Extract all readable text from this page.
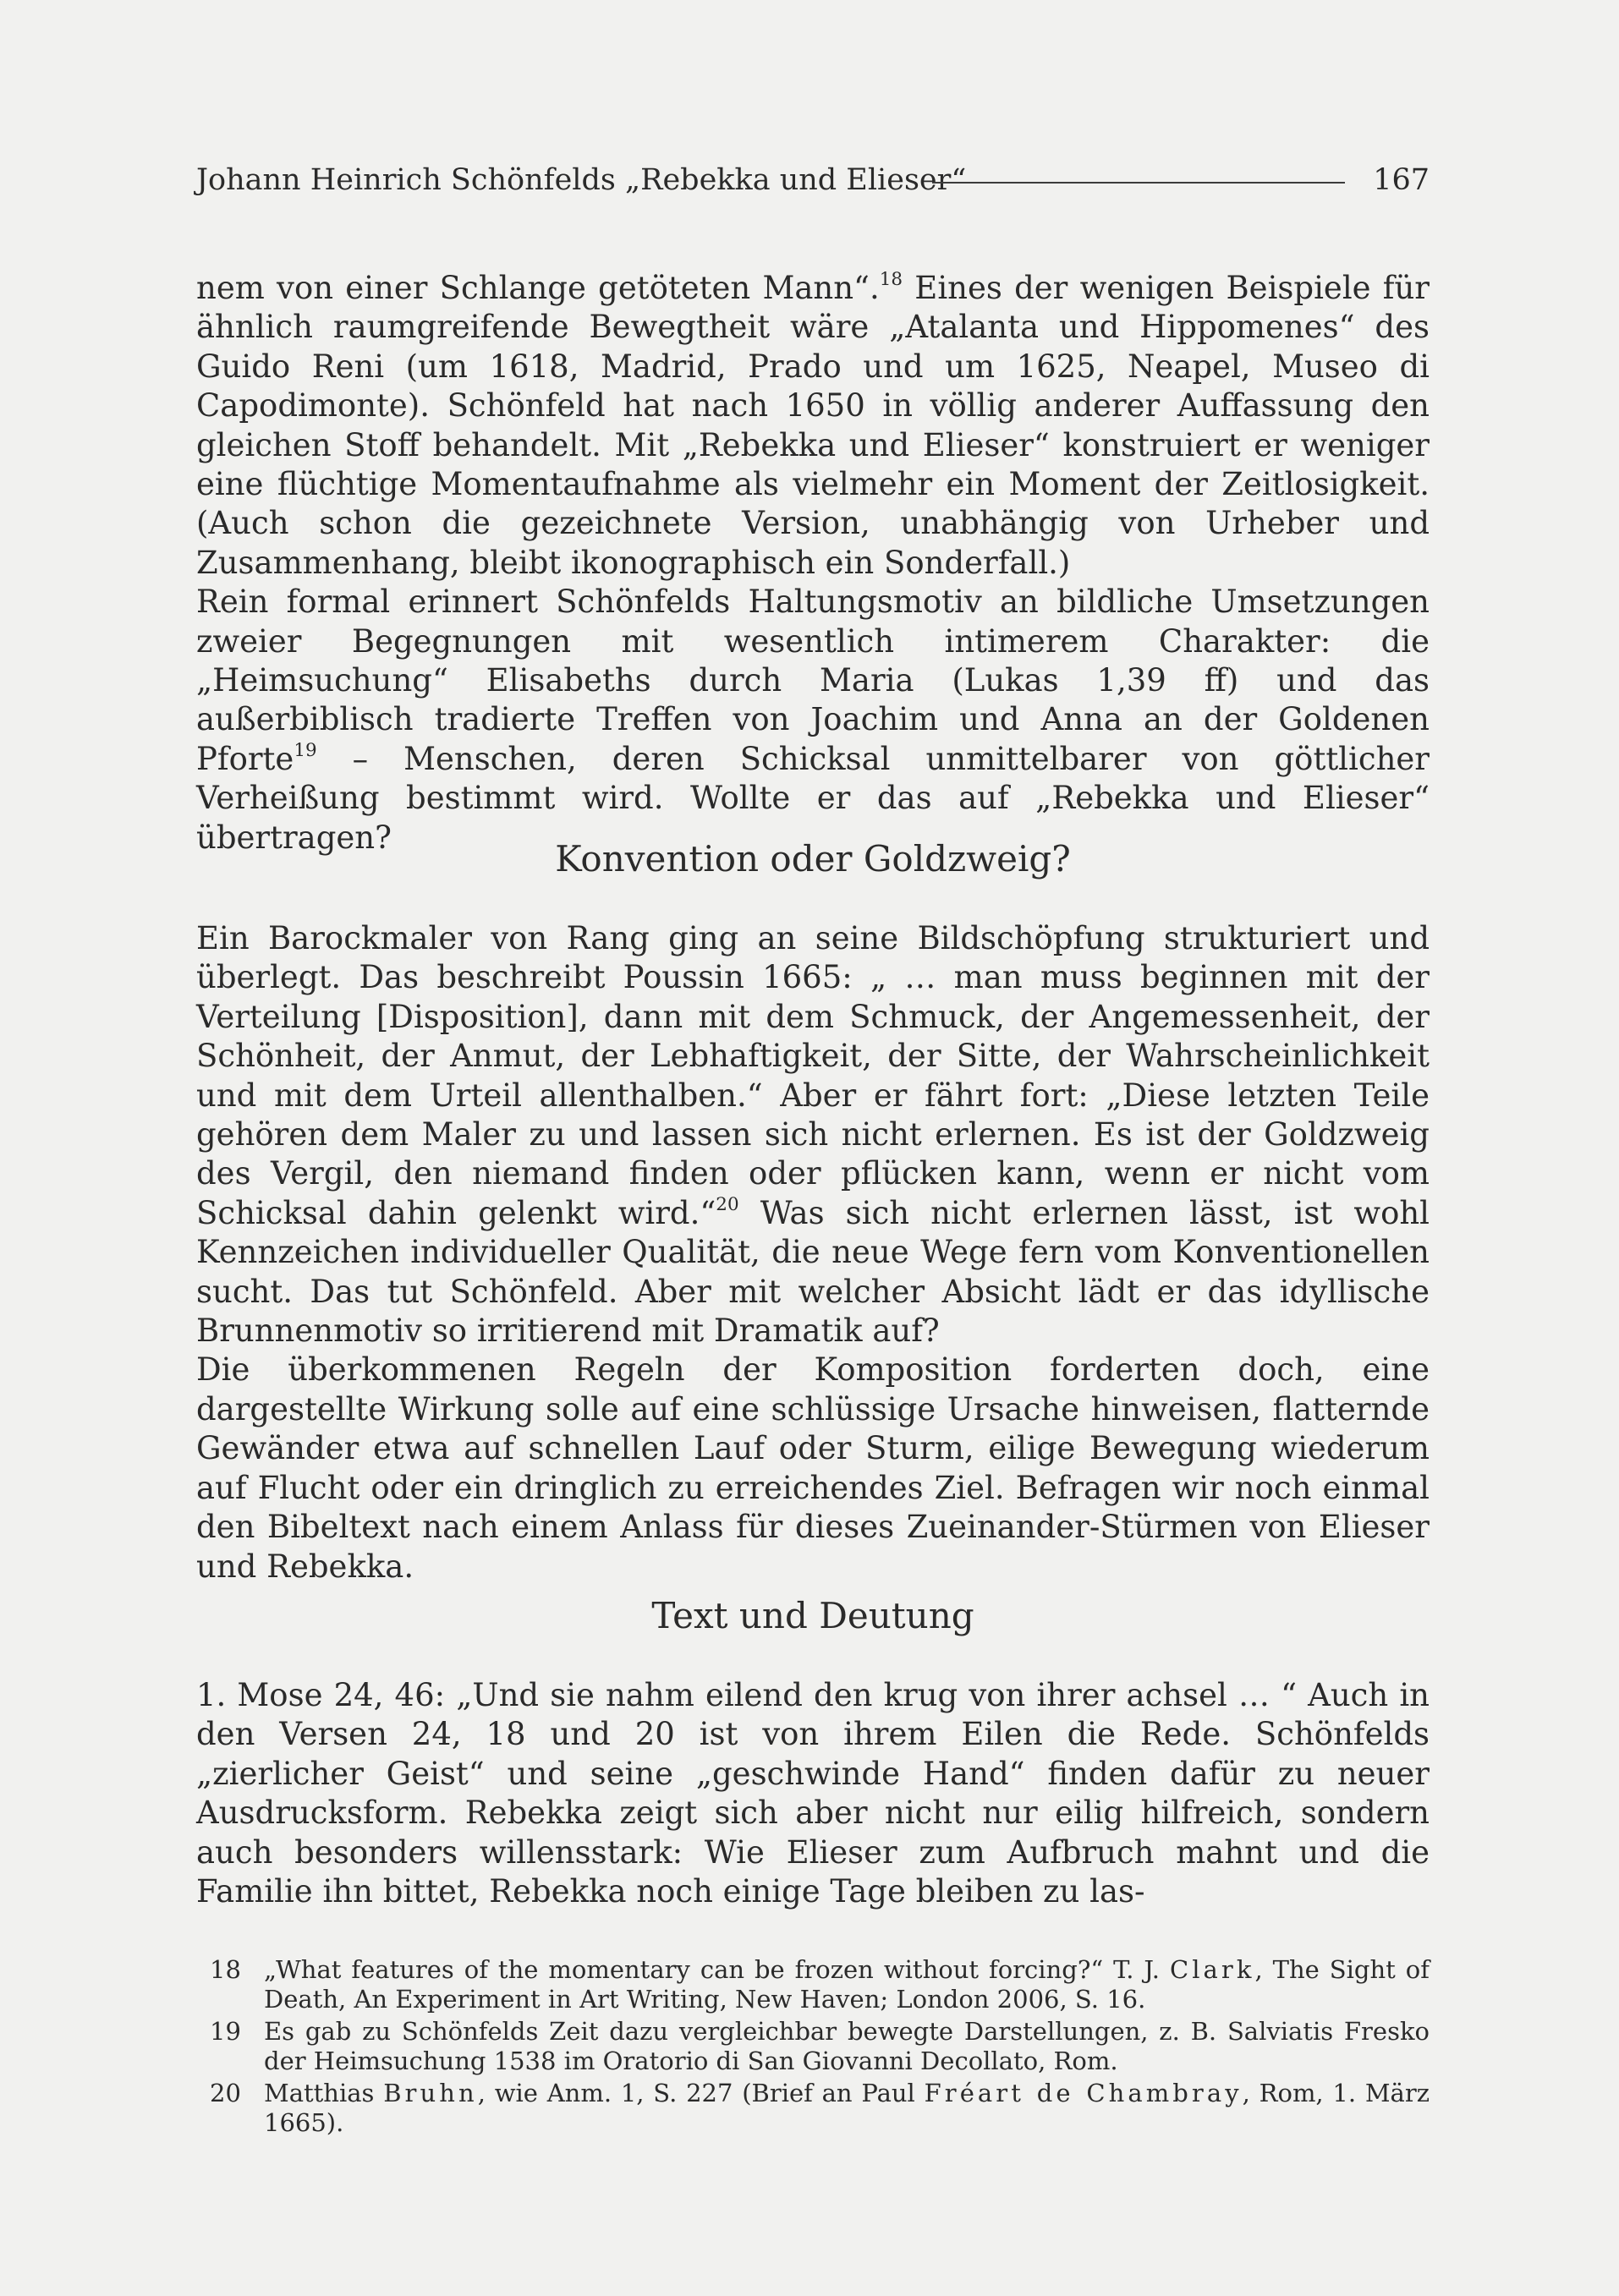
Johann Heinrich Schönfelds „Rebekka und Elieser“	167

nem von einer Schlange getöteten Mann“.$^{18}$ Eines der wenigen Beispiele für ähnlich raumgreifende Bewegtheit wäre „Atalanta und Hippomenes“ des Guido Reni (um 1618, Madrid, Prado und um 1625, Neapel, Museo di Capodimonte). Schönfeld hat nach 1650 in völlig anderer Auffassung den gleichen Stoff behandelt. Mit „Rebekka und Elieser“ konstruiert er weniger eine flüchtige Momentaufnahme als vielmehr ein Moment der Zeitlosigkeit. (Auch schon die gezeichnete Version, unabhängig von Urheber und Zusammenhang, bleibt ikonographisch ein Sonderfall.)

Rein formal erinnert Schönfelds Haltungsmotiv an bildliche Umsetzungen zweier Begegnungen mit wesentlich intimerem Charakter: die „Heimsuchung“ Elisabeths durch Maria (Lukas 1,39 ff) und das außerbiblisch tradierte Treffen von Joachim und Anna an der Goldenen Pforte$^{19}$ – Menschen, deren Schicksal unmittelbarer von göttlicher Verheißung bestimmt wird. Wollte er das auf „Rebekka und Elieser“ übertragen?

Konvention oder Goldzweig?

Ein Barockmaler von Rang ging an seine Bildschöpfung strukturiert und überlegt. Das beschreibt Poussin 1665: „ … man muss beginnen mit der Verteilung [Disposition], dann mit dem Schmuck, der Angemessenheit, der Schönheit, der Anmut, der Lebhaftigkeit, der Sitte, der Wahrscheinlichkeit und mit dem Urteil allenthalben.“ Aber er fährt fort: „Diese letzten Teile gehören dem Maler zu und lassen sich nicht erlernen. Es ist der Goldzweig des Vergil, den niemand finden oder pflücken kann, wenn er nicht vom Schicksal dahin gelenkt wird.“$^{20}$ Was sich nicht erlernen lässt, ist wohl Kennzeichen individueller Qualität, die neue Wege fern vom Konventionellen sucht. Das tut Schönfeld. Aber mit welcher Absicht lädt er das idyllische Brunnenmotiv so irritierend mit Dramatik auf?

Die überkommenen Regeln der Komposition forderten doch, eine dargestellte Wirkung solle auf eine schlüssige Ursache hinweisen, flatternde Gewänder etwa auf schnellen Lauf oder Sturm, eilige Bewegung wiederum auf Flucht oder ein dringlich zu erreichendes Ziel. Befragen wir noch einmal den Bibeltext nach einem Anlass für dieses Zueinander-Stürmen von Elieser und Rebekka.

Text und Deutung

1. Mose 24, 46: „Und sie nahm eilend den krug von ihrer achsel … “ Auch in den Versen 24, 18 und 20 ist von ihrem Eilen die Rede. Schönfelds „zierlicher Geist“ und seine „geschwinde Hand“ finden dafür zu neuer Ausdrucksform. Rebekka zeigt sich aber nicht nur eilig hilfreich, sondern auch besonders willensstark: Wie Elieser zum Aufbruch mahnt und die Familie ihn bittet, Rebekka noch einige Tage bleiben zu las-

18 „What features of the momentary can be frozen without forcing?“ T. J. Clark, The Sight of Death, An Experiment in Art Writing, New Haven; London 2006, S. 16.
19 Es gab zu Schönfelds Zeit dazu vergleichbar bewegte Darstellungen, z. B. Salviatis Fresko der Heimsuchung 1538 im Oratorio di San Giovanni Decollato, Rom.
20 Matthias Bruhn, wie Anm. 1, S. 227 (Brief an Paul Fréart de Chambray, Rom, 1. März 1665).
